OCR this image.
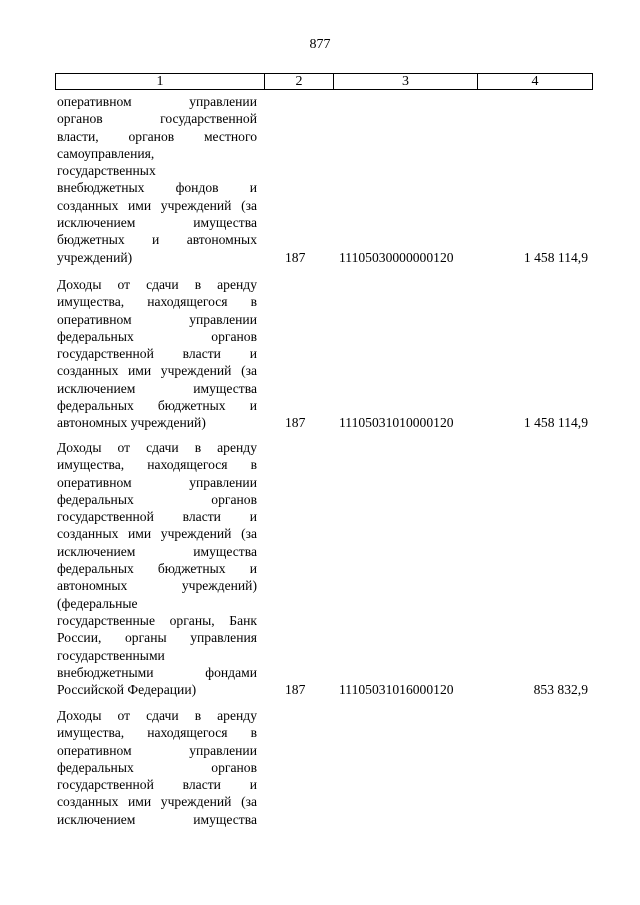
877
1	2	3	4
оперативном управлении
органов государственной
власти, органов местного
самоуправления,
государственных
внебюджетных фондов и
созданных ими учреждений (за
исключением имущества
бюджетных и автономных
учреждений)	187 11105030000000120	1 458 114,9
Доходы от сдачи в аренду
имущества, находящегося в
оперативном управлении
федеральных органов
государственной власти и
созданных ими учреждений (за
исключением имущества
федеральных бюджетных и
автономных учреждений)	187 11105031010000120	1 458 114,9
Доходы от сдачи в аренду
имущества, находящегося в
оперативном управлении
федеральных органов
государственной власти и
созданных ими учреждений (за
исключением имущества
федеральных бюджетных и
автономных учреждений)
(федеральные
государственные органы, Банк
России, органы управления
государственными
внебюджетными фондами
Российской Федерации)	187 11105031016000120	853 832,9
Доходы от сдачи в аренду
имущества, находящегося в
оперативном управлении
федеральных органов
государственной власти и
созданных ими учреждений (за
исключением имущества
